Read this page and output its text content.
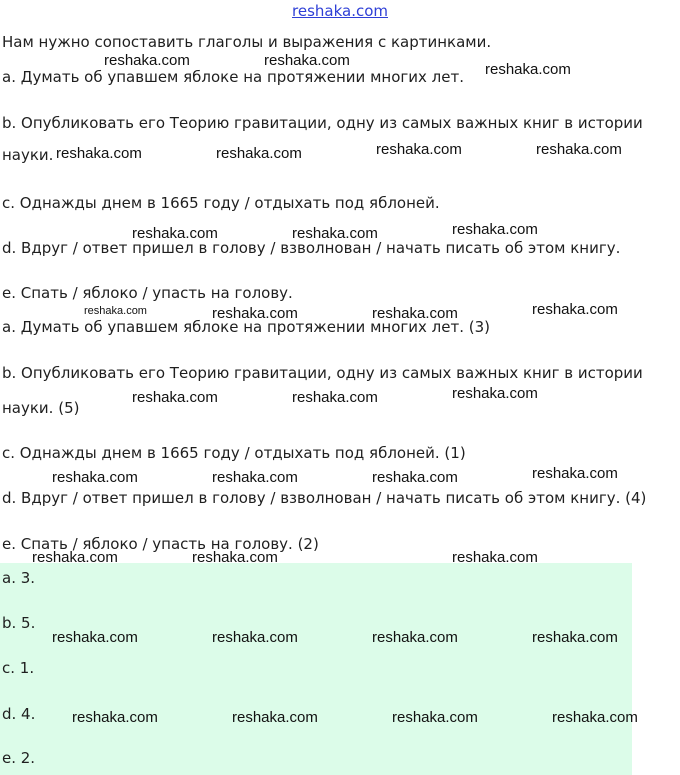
reshaka.com
Нам нужно сопоставить глаголы и выражения с картинками.
a. Думать об упавшем яблоке на протяжении многих лет.
b. Опубликовать его Теорию гравитации, одну из самых важных книг в истории
науки.
c. Однажды днем в 1665 году / отдыхать под яблоней.
d. Вдруг / ответ пришел в голову / взволнован / начать писать об этом книгу.
e. Спать / яблоко / упасть на голову.
a. Думать об упавшем яблоке на протяжении многих лет. (3)
b. Опубликовать его Теорию гравитации, одну из самых важных книг в истории
науки. (5)
c. Однажды днем в 1665 году / отдыхать под яблоней. (1)
d. Вдруг / ответ пришел в голову / взволнован / начать писать об этом книгу. (4)
e. Спать / яблоко / упасть на голову. (2)
a. 3.
b. 5.
c. 1.
d. 4.
e. 2.
reshaka.com	reshaka.com
reshaka.com
reshaka.com	reshaka.com	reshaka.com	reshaka.com
reshaka.com	reshaka.com	reshaka.com
reshaka.com	reshaka.com	reshaka.com	reshaka.com
reshaka.com	reshaka.com	reshaka.com
reshaka.com	reshaka.com	reshaka.com	reshaka.com
reshaka.com	reshaka.com	reshaka.com
reshaka.com	reshaka.com	reshaka.com	reshaka.com
reshaka.com	reshaka.com	reshaka.com	reshaka.com
